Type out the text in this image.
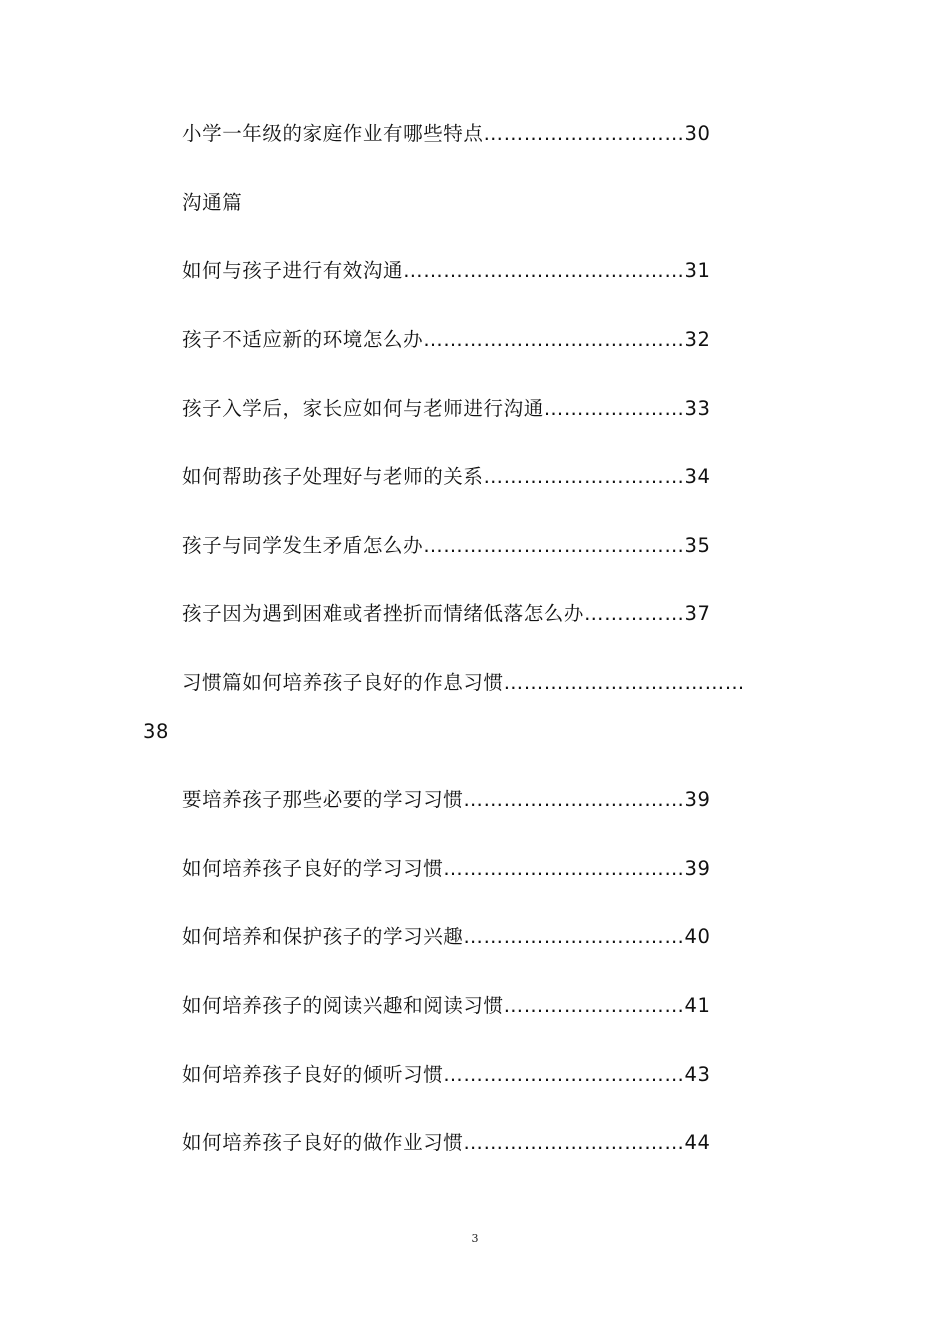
小学一年级的家庭作业有哪些特点…………………………30
沟通篇
如何与孩子进行有效沟通……………………………………31
孩子不适应新的环境怎么办…………………………………32
孩子入学后，家长应如何与老师进行沟通…………………33
如何帮助孩子处理好与老师的关系…………………………34
孩子与同学发生矛盾怎么办…………………………………35
孩子因为遇到困难或者挫折而情绪低落怎么办……………37
习惯篇如何培养孩子良好的作息习惯………………………………
38
要培养孩子那些必要的学习习惯……………………………39
如何培养孩子良好的学习习惯………………………………39
如何培养和保护孩子的学习兴趣……………………………40
如何培养孩子的阅读兴趣和阅读习惯………………………41
如何培养孩子良好的倾听习惯………………………………43
如何培养孩子良好的做作业习惯……………………………44
3
